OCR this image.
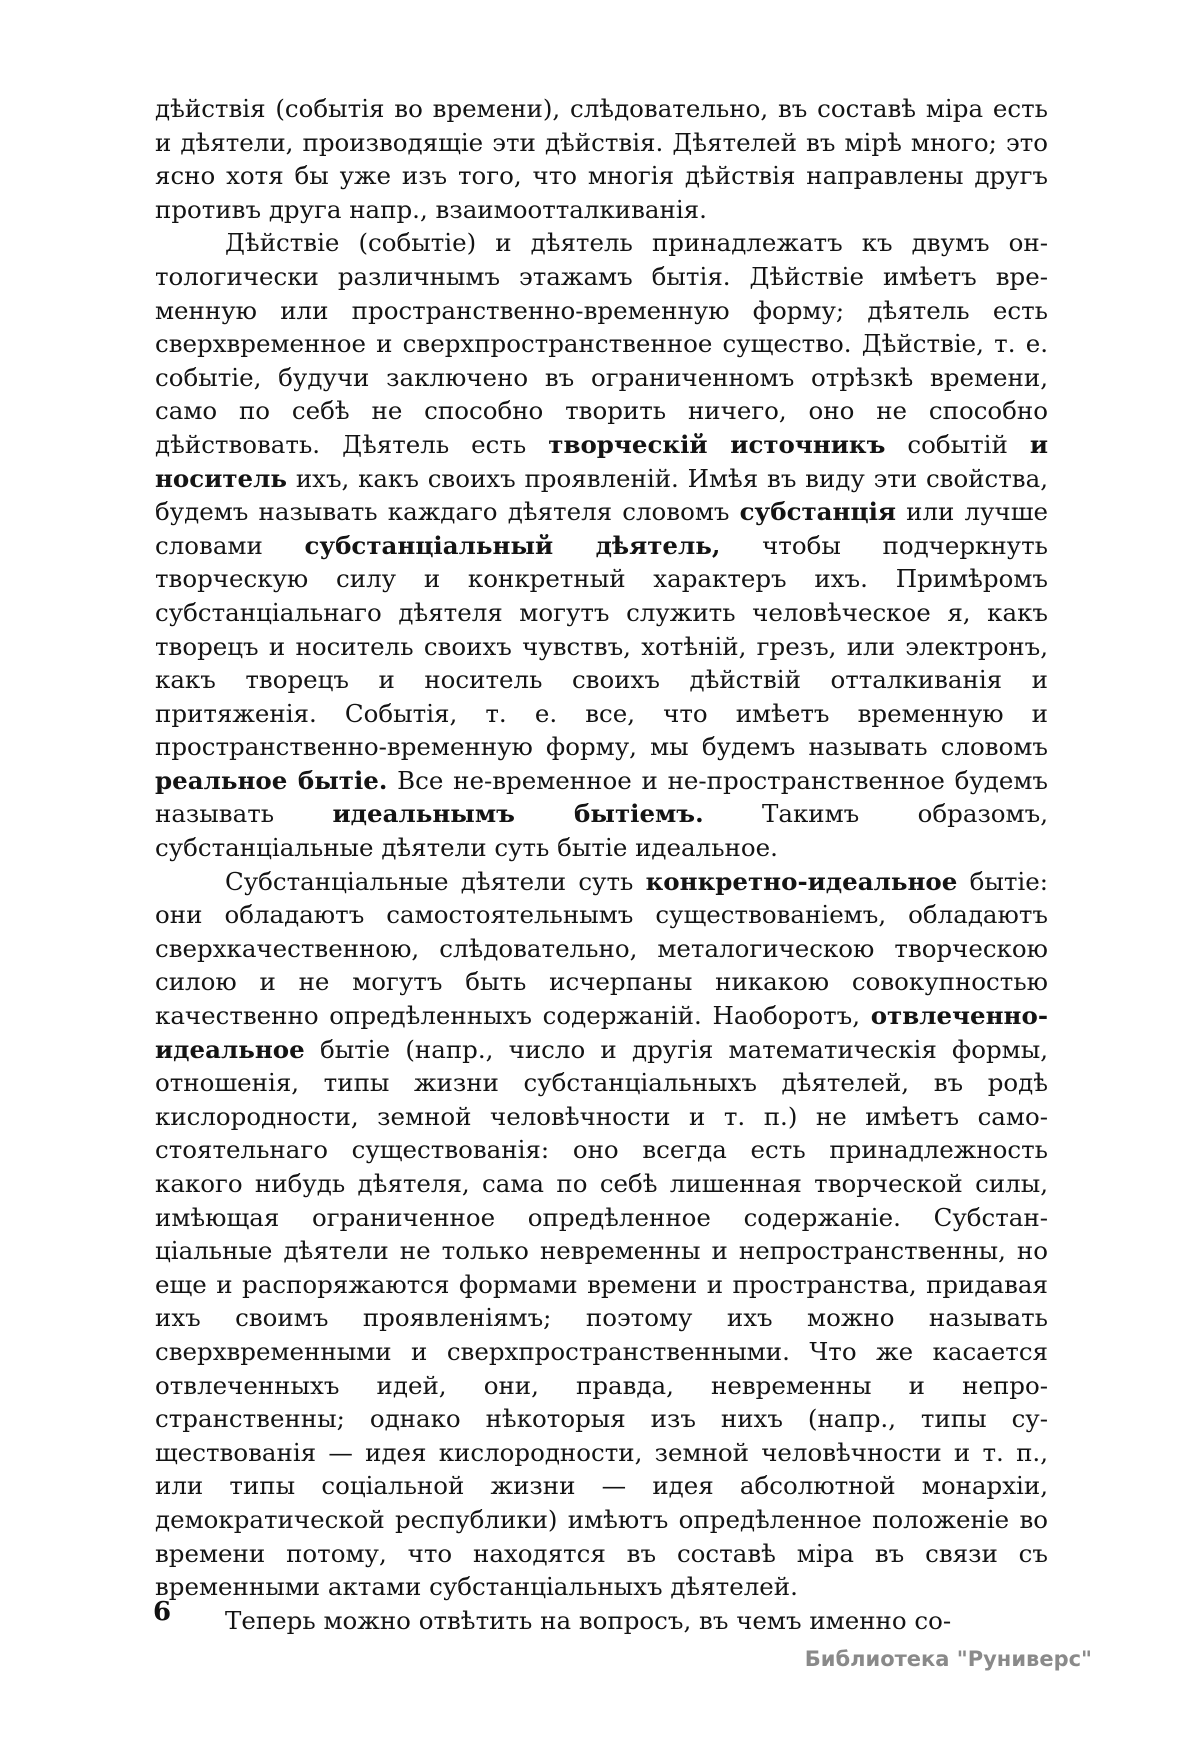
дѣйствія (событія во времени), слѣдовательно, въ составѣ міра есть и дѣятели, производящіе эти дѣйствія. Дѣятелей въ мірѣ много; это ясно хотя бы уже изъ того, что многія дѣйствія направлены другъ противъ друга напр., взаимоотталкиванія.

Дѣйствіе (событіе) и дѣятель принадлежатъ къ двумъ онтологически различнымъ этажамъ бытія. Дѣйствіе имѣетъ временную или пространственно-временную форму; дѣятель есть сверхвременное и сверхпространственное существо. Дѣйствіе, т. е. событіе, будучи заключено въ ограниченномъ отрѣзкѣ времени, само по себѣ не способно творить ничего, оно не способно дѣйствовать. Дѣятель есть творческій источникъ событій и носитель ихъ, какъ своихъ проявленій. Имѣя въ виду эти свойства, будемъ называть каждаго дѣятеля словомъ субстанція или лучше словами субстанціальный дѣятель, чтобы подчеркнуть творческую силу и конкретный характеръ ихъ. Примѣромъ субстанціальнаго дѣятеля могутъ служить человѣческое я, какъ творецъ и носитель своихъ чувствъ, хотѣній, грезъ, или электронъ, какъ творецъ и носитель своихъ дѣйствій отталкиванія и притяженія. Событія, т. е. все, что имѣетъ временную и пространственно-временную форму, мы будемъ называть словомъ реальное бытіе. Все не-временное и не-пространственное будемъ называть идеальнымъ бытіемъ. Такимъ образомъ, субстанціальные дѣятели суть бытіе идеальное.

Субстанціальные дѣятели суть конкретно-идеальное бытіе: они обладаютъ самостоятельнымъ существованіемъ, обладаютъ сверхкачественною, слѣдовательно, металогическою творческою силою и не могутъ быть исчерпаны никакою совокупностью качественно опредѣленныхъ содержаній. Наоборотъ, отвлеченно-идеальное бытіе (напр., число и другія математическія формы, отношенія, типы жизни субстанціальныхъ дѣятелей, въ родѣ кислородности, земной человѣчности и т. п.) не имѣетъ самостоятельнаго существованія: оно всегда есть принадлежность какого нибудь дѣятеля, сама по себѣ лишенная творческой силы, имѣющая ограниченное опредѣленное содержаніе. Субстанціальные дѣятели не только невременны и непространственны, но еще и распоряжаются формами времени и пространства, придавая ихъ своимъ проявленіямъ; поэтому ихъ можно называть сверхвременными и сверхпространственными. Что же касается отвлеченныхъ идей, они, правда, невременны и непространственны; однако нѣкоторыя изъ нихъ (напр., типы существованія — идея кислородности, земной человѣчности и т. п., или типы соціальной жизни — идея абсолютной монархіи, демократической республики) имѣютъ опредѣленное положеніе во времени потому, что находятся въ составѣ міра въ связи съ временными актами субстанціальныхъ дѣятелей.

Теперь можно отвѣтить на вопросъ, въ чемъ именно со-

6
Библиотека "Руниверс"
